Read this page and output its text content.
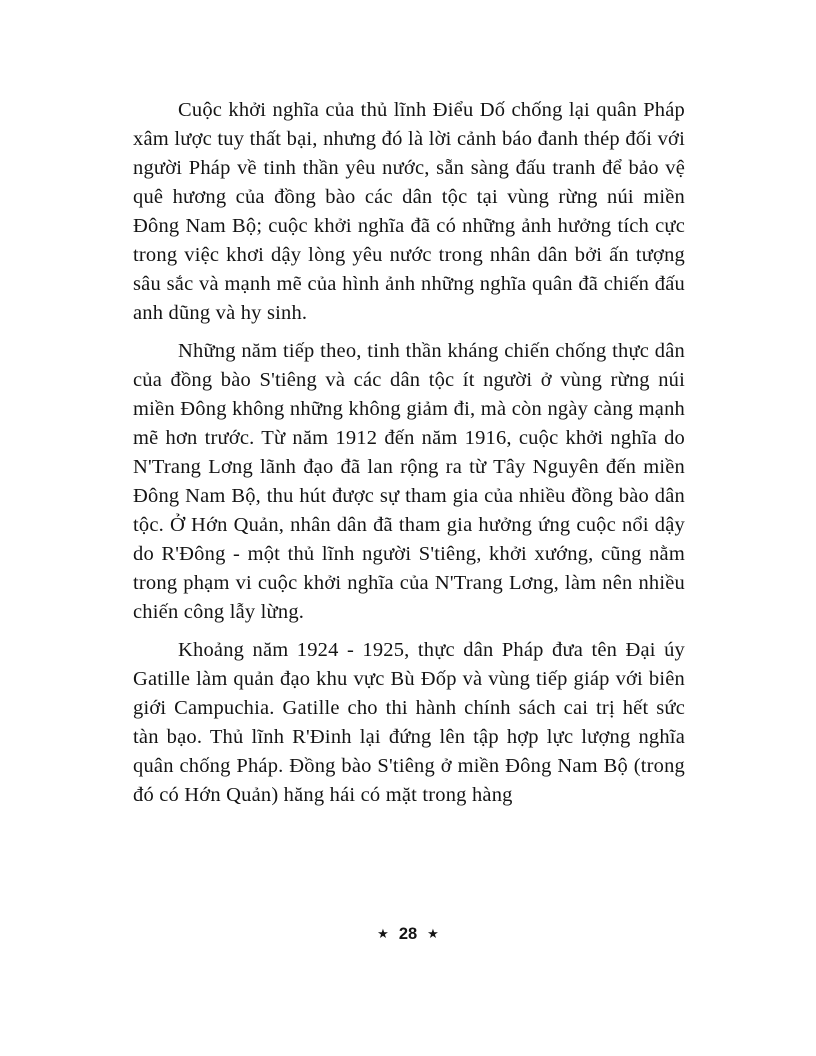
Cuộc khởi nghĩa của thủ lĩnh Điểu Dố chống lại quân Pháp xâm lược tuy thất bại, nhưng đó là lời cảnh báo đanh thép đối với người Pháp về tinh thần yêu nước, sẵn sàng đấu tranh để bảo vệ quê hương của đồng bào các dân tộc tại vùng rừng núi miền Đông Nam Bộ; cuộc khởi nghĩa đã có những ảnh hưởng tích cực trong việc khơi dậy lòng yêu nước trong nhân dân bởi ấn tượng sâu sắc và mạnh mẽ của hình ảnh những nghĩa quân đã chiến đấu anh dũng và hy sinh.

Những năm tiếp theo, tinh thần kháng chiến chống thực dân của đồng bào S'tiêng và các dân tộc ít người ở vùng rừng núi miền Đông không những không giảm đi, mà còn ngày càng mạnh mẽ hơn trước. Từ năm 1912 đến năm 1916, cuộc khởi nghĩa do N'Trang Lơng lãnh đạo đã lan rộng ra từ Tây Nguyên đến miền Đông Nam Bộ, thu hút được sự tham gia của nhiều đồng bào dân tộc. Ở Hớn Quản, nhân dân đã tham gia hưởng ứng cuộc nổi dậy do R'Đông - một thủ lĩnh người S'tiêng, khởi xướng, cũng nằm trong phạm vi cuộc khởi nghĩa của N'Trang Lơng, làm nên nhiều chiến công lẫy lừng.

Khoảng năm 1924 - 1925, thực dân Pháp đưa tên Đại úy Gatille làm quản đạo khu vực Bù Đốp và vùng tiếp giáp với biên giới Campuchia. Gatille cho thi hành chính sách cai trị hết sức tàn bạo. Thủ lĩnh R'Đinh lại đứng lên tập hợp lực lượng nghĩa quân chống Pháp. Đồng bào S'tiêng ở miền Đông Nam Bộ (trong đó có Hớn Quản) hăng hái có mặt trong hàng

★ 28 ★
